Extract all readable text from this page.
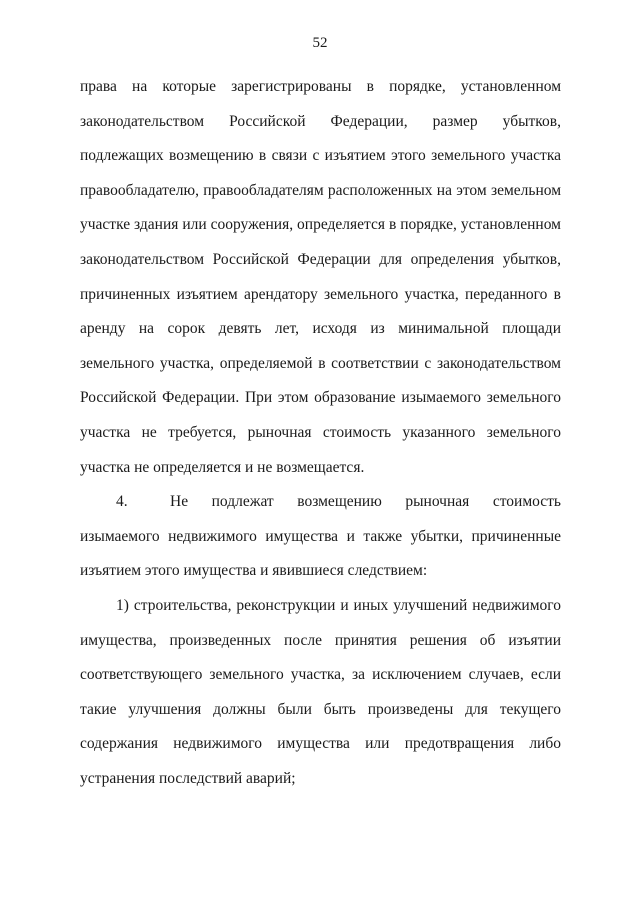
52

права на которые зарегистрированы в порядке, установленном законодательством Российской Федерации, размер убытков, подлежащих возмещению в связи с изъятием этого земельного участка правообладателю, правообладателям расположенных на этом земельном участке здания или сооружения, определяется в порядке, установленном законодательством Российской Федерации для определения убытков, причиненных изъятием арендатору земельного участка, переданного в аренду на сорок девять лет, исходя из минимальной площади земельного участка, определяемой в соответствии с законодательством Российской Федерации. При этом образование изымаемого земельного участка не требуется, рыночная стоимость указанного земельного участка не определяется и не возмещается.

4.	Не подлежат возмещению рыночная стоимость изымаемого недвижимого имущества и также убытки, причиненные изъятием этого имущества и явившиеся следствием:

1) строительства, реконструкции и иных улучшений недвижимого имущества, произведенных после принятия решения об изъятии соответствующего земельного участка, за исключением случаев, если такие улучшения должны были быть произведены для текущего содержания недвижимого имущества или предотвращения либо устранения последствий аварий;
